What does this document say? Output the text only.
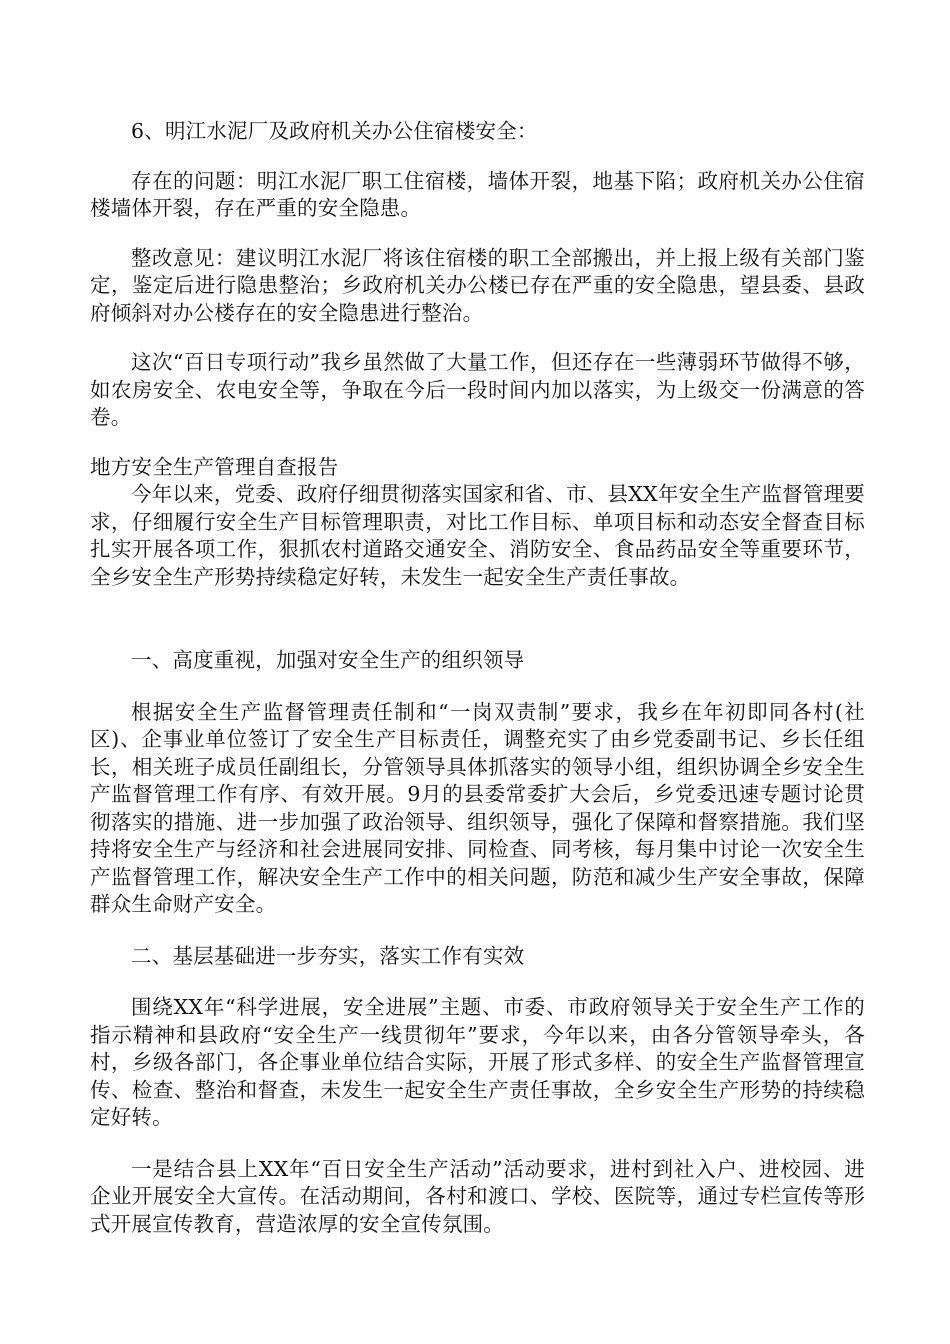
6、明江水泥厂及政府机关办公住宿楼安全：

存在的问题：明江水泥厂职工住宿楼，墙体开裂，地基下陷；政府机关办公住宿楼墙体开裂，存在严重的安全隐患。

整改意见：建议明江水泥厂将该住宿楼的职工全部搬出，并上报上级有关部门鉴定，鉴定后进行隐患整治；乡政府机关办公楼已存在严重的安全隐患，望县委、县政府倾斜对办公楼存在的安全隐患进行整治。

这次“百日专项行动”我乡虽然做了大量工作，但还存在一些薄弱环节做得不够，如农房安全、农电安全等，争取在今后一段时间内加以落实，为上级交一份满意的答卷。

地方安全生产管理自查报告

今年以来，党委、政府仔细贯彻落实国家和省、市、县XX年安全生产监督管理要求，仔细履行安全生产目标管理职责，对比工作目标、单项目标和动态安全督查目标扎实开展各项工作，狠抓农村道路交通安全、消防安全、食品药品安全等重要环节，全乡安全生产形势持续稳定好转，未发生一起安全生产责任事故。

一、高度重视，加强对安全生产的组织领导

根据安全生产监督管理责任制和“一岗双责制”要求，我乡在年初即同各村(社区)、企事业单位签订了安全生产目标责任，调整充实了由乡党委副书记、乡长任组长，相关班子成员任副组长，分管领导具体抓落实的领导小组，组织协调全乡安全生产监督管理工作有序、有效开展。9月的县委常委扩大会后，乡党委迅速专题讨论贯彻落实的措施、进一步加强了政治领导、组织领导，强化了保障和督察措施。我们坚持将安全生产与经济和社会进展同安排、同检查、同考核，每月集中讨论一次安全生产监督管理工作，解决安全生产工作中的相关问题，防范和减少生产安全事故，保障群众生命财产安全。

二、基层基础进一步夯实，落实工作有实效

围绕XX年“科学进展，安全进展”主题、市委、市政府领导关于安全生产工作的指示精神和县政府“安全生产一线贯彻年”要求，今年以来，由各分管领导牵头，各村，乡级各部门，各企事业单位结合实际，开展了形式多样、的安全生产监督管理宣传、检查、整治和督查，未发生一起安全生产责任事故，全乡安全生产形势的持续稳定好转。

一是结合县上XX年“百日安全生产活动”活动要求，进村到社入户、进校园、进企业开展安全大宣传。在活动期间，各村和渡口、学校、医院等，通过专栏宣传等形式开展宣传教育，营造浓厚的安全宣传氛围。
